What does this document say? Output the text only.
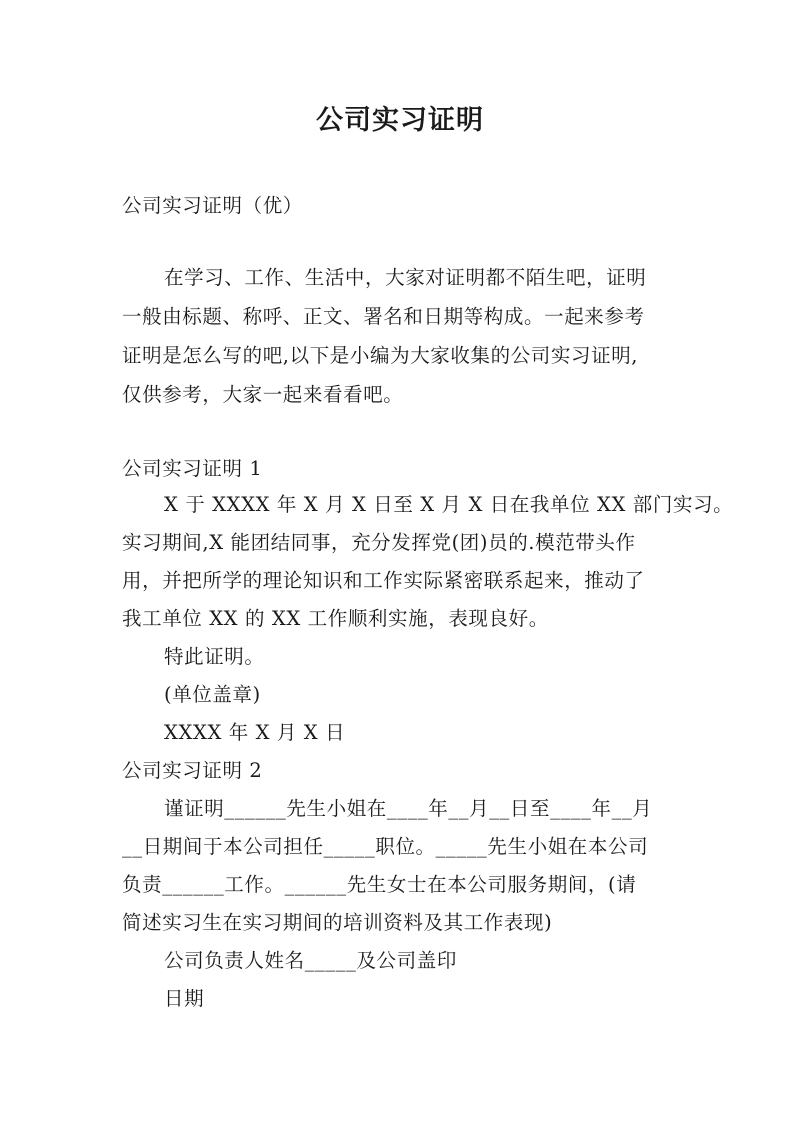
公司实习证明
公司实习证明（优）
在学习、工作、生活中，大家对证明都不陌生吧，证明
一般由标题、称呼、正文、署名和日期等构成。一起来参考
证明是怎么写的吧,以下是小编为大家收集的公司实习证明,
仅供参考，大家一起来看看吧。
公司实习证明 1
X 于 XXXX 年 X 月 X 日至 X 月 X 日在我单位 XX 部门实习。
实习期间,X 能团结同事，充分发挥党(团)员的.模范带头作
用，并把所学的理论知识和工作实际紧密联系起来，推动了
我工单位 XX 的 XX 工作顺利实施，表现良好。
特此证明。
(单位盖章)
XXXX 年 X 月 X 日
公司实习证明 2
谨证明______先生小姐在____年__月__日至____年__月
__日期间于本公司担任_____职位。_____先生小姐在本公司
负责______工作。______先生女士在本公司服务期间，(请
简述实习生在实习期间的培训资料及其工作表现)
公司负责人姓名_____及公司盖印
日期
